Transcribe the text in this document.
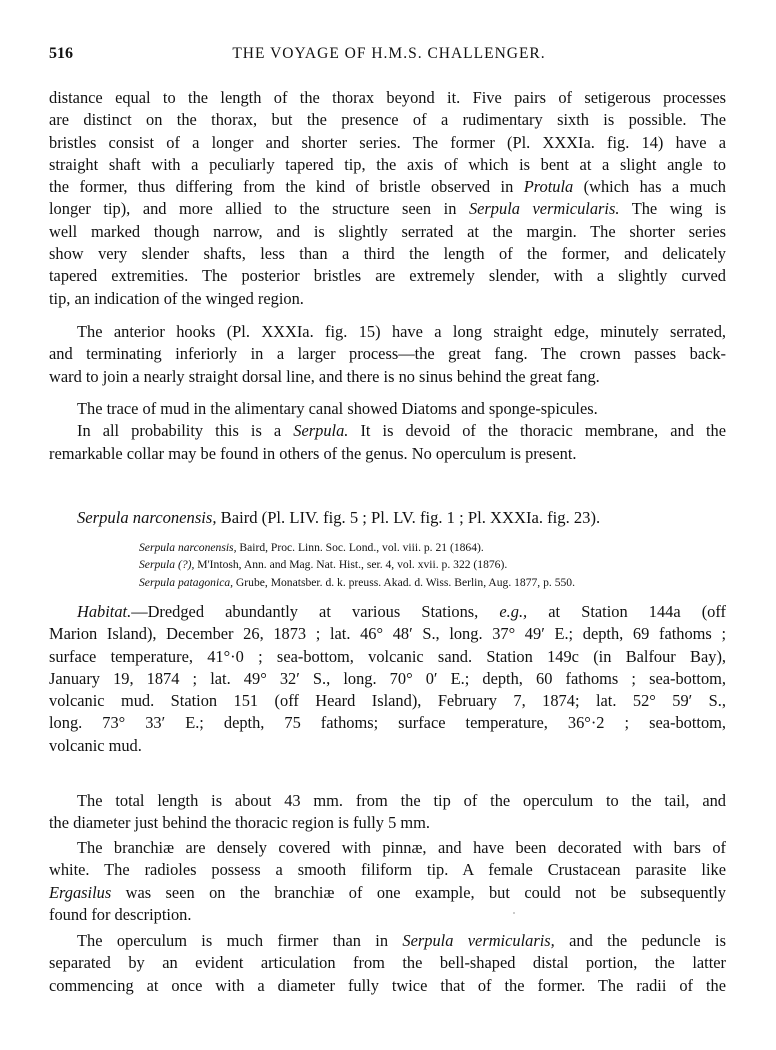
516	THE VOYAGE OF H.M.S. CHALLENGER.

distance equal to the length of the thorax beyond it. Five pairs of setigerous processes
are distinct on the thorax, but the presence of a rudimentary sixth is possible. The
bristles consist of a longer and shorter series. The former (Pl. XXXIa. fig. 14) have a
straight shaft with a peculiarly tapered tip, the axis of which is bent at a slight angle to
the former, thus differing from the kind of bristle observed in Protula (which has a much
longer tip), and more allied to the structure seen in Serpula vermicularis. The wing is
well marked though narrow, and is slightly serrated at the margin. The shorter series
show very slender shafts, less than a third the length of the former, and delicately
tapered extremities. The posterior bristles are extremely slender, with a slightly curved
tip, an indication of the winged region.

The anterior hooks (Pl. XXXIa. fig. 15) have a long straight edge, minutely serrated,
and terminating inferiorly in a larger process—the great fang. The crown passes back-
ward to join a nearly straight dorsal line, and there is no sinus behind the great fang.

The trace of mud in the alimentary canal showed Diatoms and sponge-spicules.
In all probability this is a Serpula. It is devoid of the thoracic membrane, and the
remarkable collar may be found in others of the genus. No operculum is present.

Serpula narconensis, Baird (Pl. LIV. fig. 5 ; Pl. LV. fig. 1 ; Pl. XXXIa. fig. 23).
Serpula narconensis, Baird, Proc. Linn. Soc. Lond., vol. viii. p. 21 (1864).
Serpula (?), M'Intosh, Ann. and Mag. Nat. Hist., ser. 4, vol. xvii. p. 322 (1876).
Serpula patagonica, Grube, Monatsber. d. k. preuss. Akad. d. Wiss. Berlin, Aug. 1877, p. 550.

Habitat.—Dredged abundantly at various Stations, e.g., at Station 144a (off
Marion Island), December 26, 1873 ; lat. 46° 48′ S., long. 37° 49′ E.; depth, 69 fathoms ;
surface temperature, 41°·0 ; sea-bottom, volcanic sand. Station 149c (in Balfour Bay),
January 19, 1874 ; lat. 49° 32′ S., long. 70° 0′ E.; depth, 60 fathoms ; sea-bottom,
volcanic mud. Station 151 (off Heard Island), February 7, 1874; lat. 52° 59′ S.,
long. 73° 33′ E.; depth, 75 fathoms; surface temperature, 36°·2 ; sea-bottom,
volcanic mud.

The total length is about 43 mm. from the tip of the operculum to the tail, and
the diameter just behind the thoracic region is fully 5 mm.

The branchiæ are densely covered with pinnæ, and have been decorated with bars of
white. The radioles possess a smooth filiform tip. A female Crustacean parasite like
Ergasilus was seen on the branchiæ of one example, but could not be subsequently
found for description.

The operculum is much firmer than in Serpula vermicularis, and the peduncle is
separated by an evident articulation from the bell-shaped distal portion, the latter
commencing at once with a diameter fully twice that of the former. The radii of the
